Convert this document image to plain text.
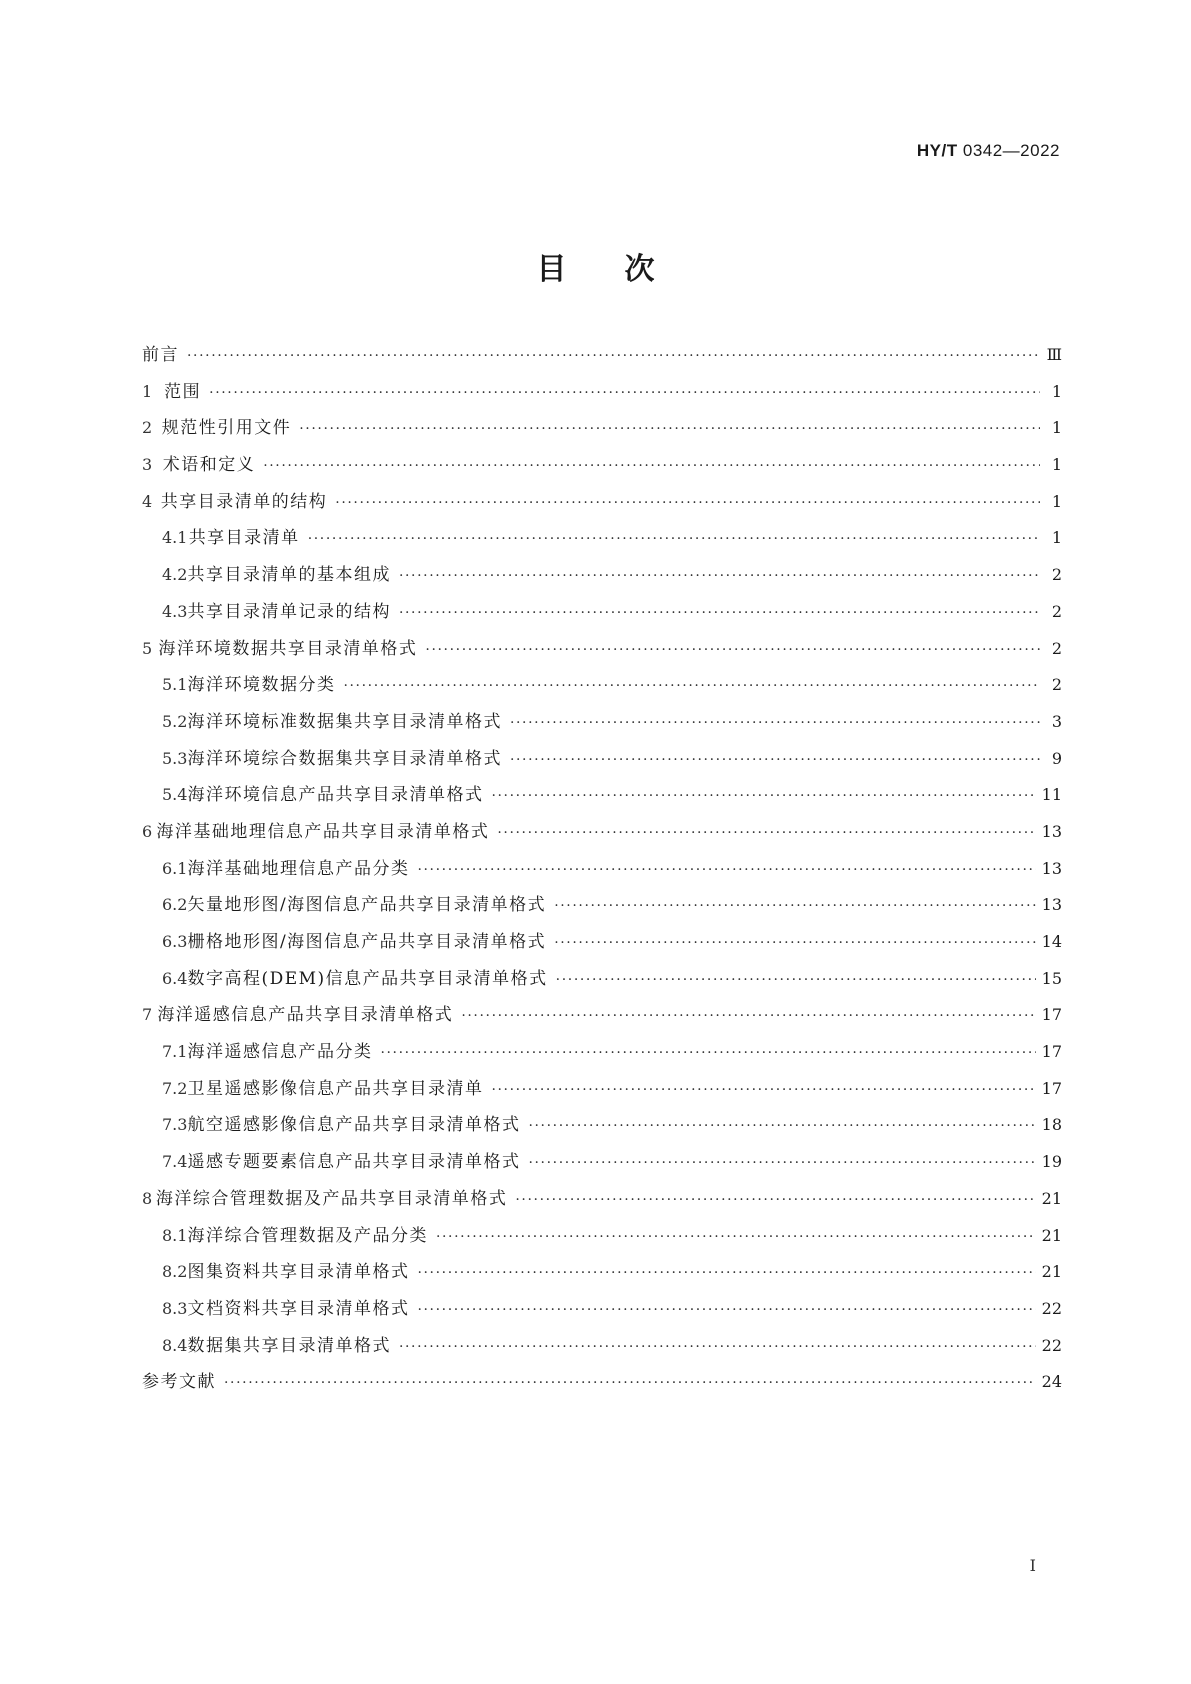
HY/T 0342—2022
目次
前言 ·····	Ⅲ
1 范围 ·····	1
2 规范性引用文件 ·····	1
3 术语和定义 ·····	1
4 共享目录清单的结构 ·····	1
4.1 共享目录清单 ·····	1
4.2 共享目录清单的基本组成 ·····	2
4.3 共享目录清单记录的结构 ·····	2
5 海洋环境数据共享目录清单格式 ·····	2
5.1 海洋环境数据分类 ·····	2
5.2 海洋环境标准数据集共享目录清单格式 ·····	3
5.3 海洋环境综合数据集共享目录清单格式 ·····	9
5.4 海洋环境信息产品共享目录清单格式 ·····	11
6 海洋基础地理信息产品共享目录清单格式 ·····	13
6.1 海洋基础地理信息产品分类 ·····	13
6.2 矢量地形图/海图信息产品共享目录清单格式 ·····	13
6.3 栅格地形图/海图信息产品共享目录清单格式 ·····	14
6.4 数字高程(DEM)信息产品共享目录清单格式 ·····	15
7 海洋遥感信息产品共享目录清单格式 ·····	17
7.1 海洋遥感信息产品分类 ·····	17
7.2 卫星遥感影像信息产品共享目录清单 ·····	17
7.3 航空遥感影像信息产品共享目录清单格式 ·····	18
7.4 遥感专题要素信息产品共享目录清单格式 ·····	19
8 海洋综合管理数据及产品共享目录清单格式 ·····	21
8.1 海洋综合管理数据及产品分类 ·····	21
8.2 图集资料共享目录清单格式 ·····	21
8.3 文档资料共享目录清单格式 ·····	22
8.4 数据集共享目录清单格式 ·····	22
参考文献 ·····	24
I
